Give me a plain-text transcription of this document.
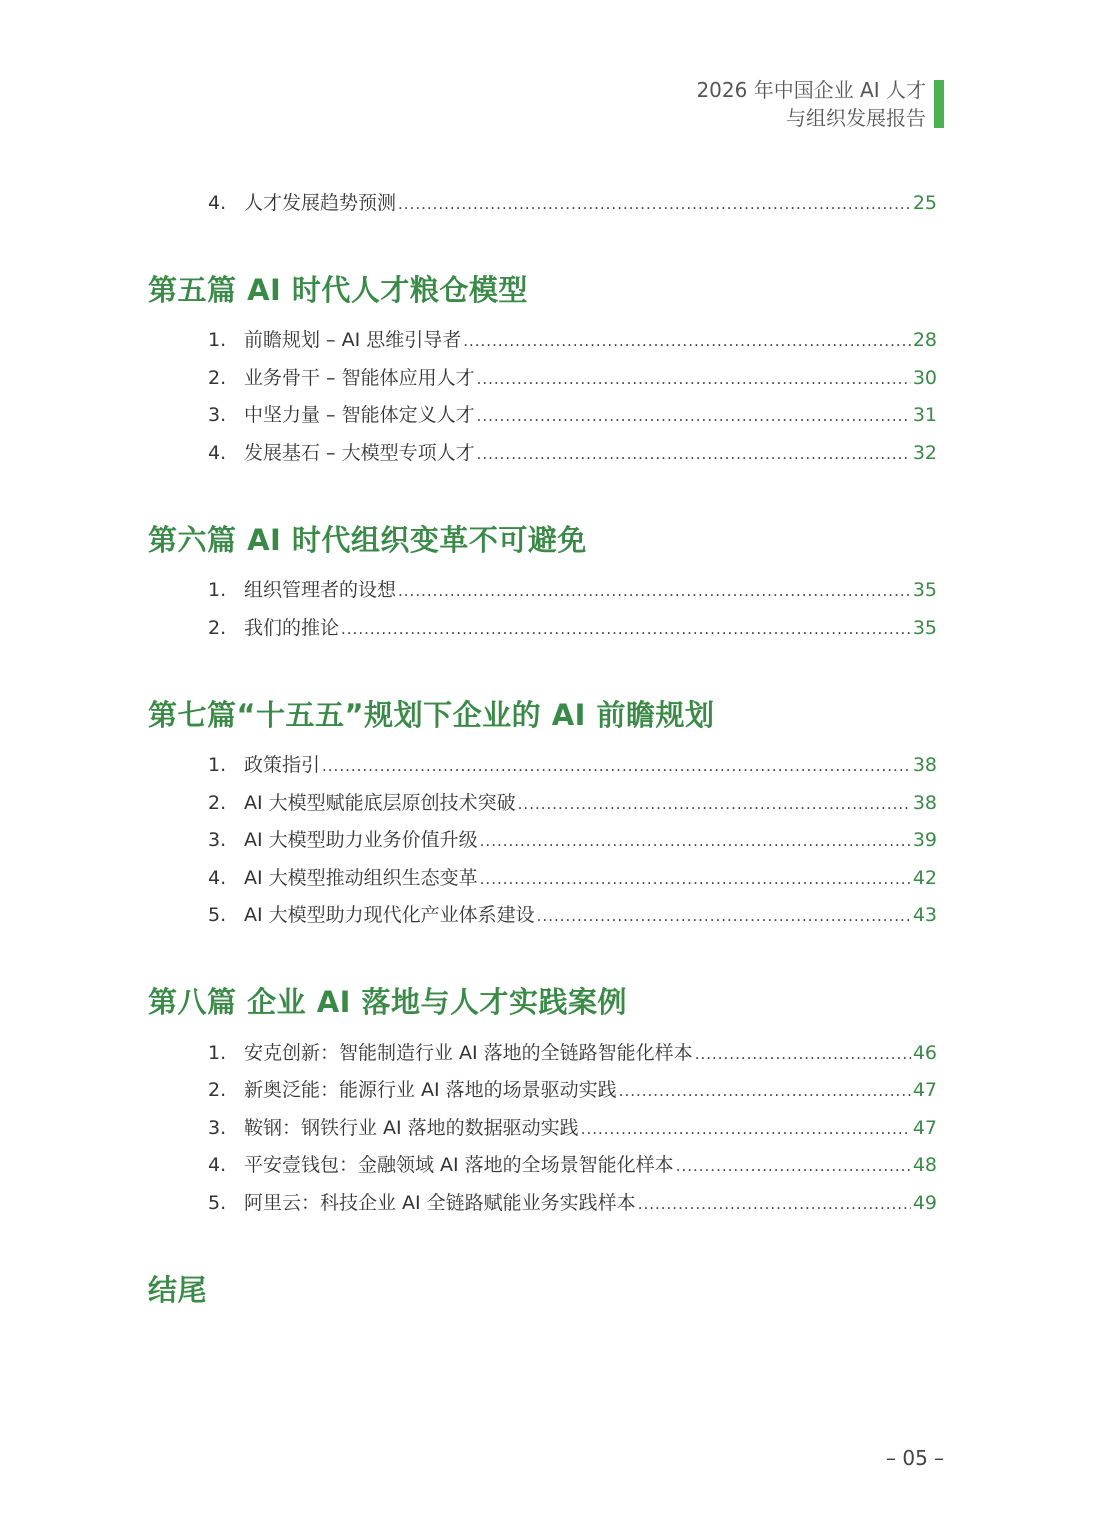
2026 年中国企业 AI 人才
与组织发展报告
4. 人才发展趋势预测 .....	25
第五篇 AI 时代人才粮仓模型
1. 前瞻规划 – AI 思维引导者 .....	28
2. 业务骨干 – 智能体应用人才 .....	30
3. 中坚力量 – 智能体定义人才 .....	31
4. 发展基石 – 大模型专项人才 .....	32
第六篇 AI 时代组织变革不可避免
1. 组织管理者的设想 .....	35
2. 我们的推论 .....	35
第七篇“十五五”规划下企业的 AI 前瞻规划
1. 政策指引 .....	38
2. AI 大模型赋能底层原创技术突破 .....	38
3. AI 大模型助力业务价值升级 .....	39
4. AI 大模型推动组织生态变革 .....	42
5. AI 大模型助力现代化产业体系建设 .....	43
第八篇 企业 AI 落地与人才实践案例
1. 安克创新：智能制造行业 AI 落地的全链路智能化样本 .....	46
2. 新奥泛能：能源行业 AI 落地的场景驱动实践 .....	47
3. 鞍钢：钢铁行业 AI 落地的数据驱动实践 .....	47
4. 平安壹钱包：金融领域 AI 落地的全场景智能化样本 .....	48
5. 阿里云：科技企业 AI 全链路赋能业务实践样本 .....	49
结尾
– 05 –
